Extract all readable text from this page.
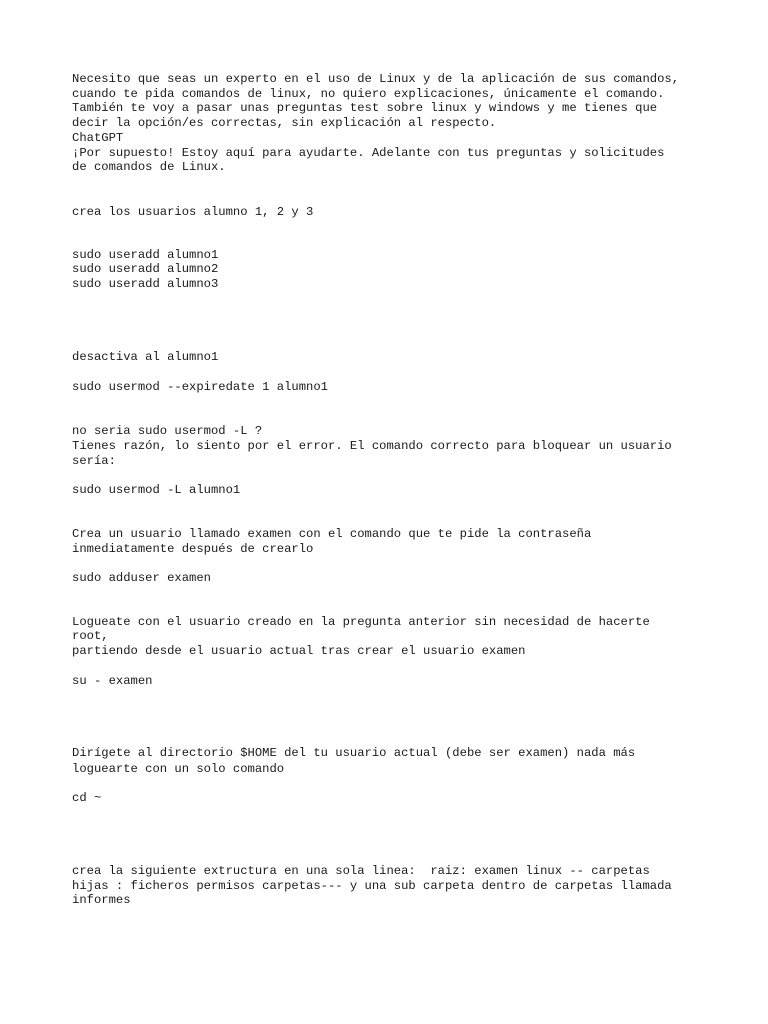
Necesito que seas un experto en el uso de Linux y de la aplicación de sus comandos,

cuando te pida comandos de linux, no quiero explicaciones, únicamente el comando.

También te voy a pasar unas preguntas test sobre linux y windows y me tienes que

decir la opción/es correctas, sin explicación al respecto.

ChatGPT

¡Por supuesto! Estoy aquí para ayudarte. Adelante con tus preguntas y solicitudes

de comandos de Linux.

crea los usuarios alumno 1, 2 y 3

sudo useradd alumno1

sudo useradd alumno2

sudo useradd alumno3

desactiva al alumno1

sudo usermod --expiredate 1 alumno1

no seria sudo usermod -L ?

Tienes razón, lo siento por el error. El comando correcto para bloquear un usuario

sería:

sudo usermod -L alumno1

Crea un usuario llamado examen con el comando que te pide la contraseña

inmediatamente después de crearlo

sudo adduser examen

Logueate con el usuario creado en la pregunta anterior sin necesidad de hacerte

root,

partiendo desde el usuario actual tras crear el usuario examen

su - examen

Dirígete al directorio $HOME del tu usuario actual (debe ser examen) nada más

loguearte con un solo comando

cd ~

crea la siguiente extructura en una sola linea:  raiz: examen linux -- carpetas

hijas : ficheros permisos carpetas--- y una sub carpeta dentro de carpetas llamada

informes
